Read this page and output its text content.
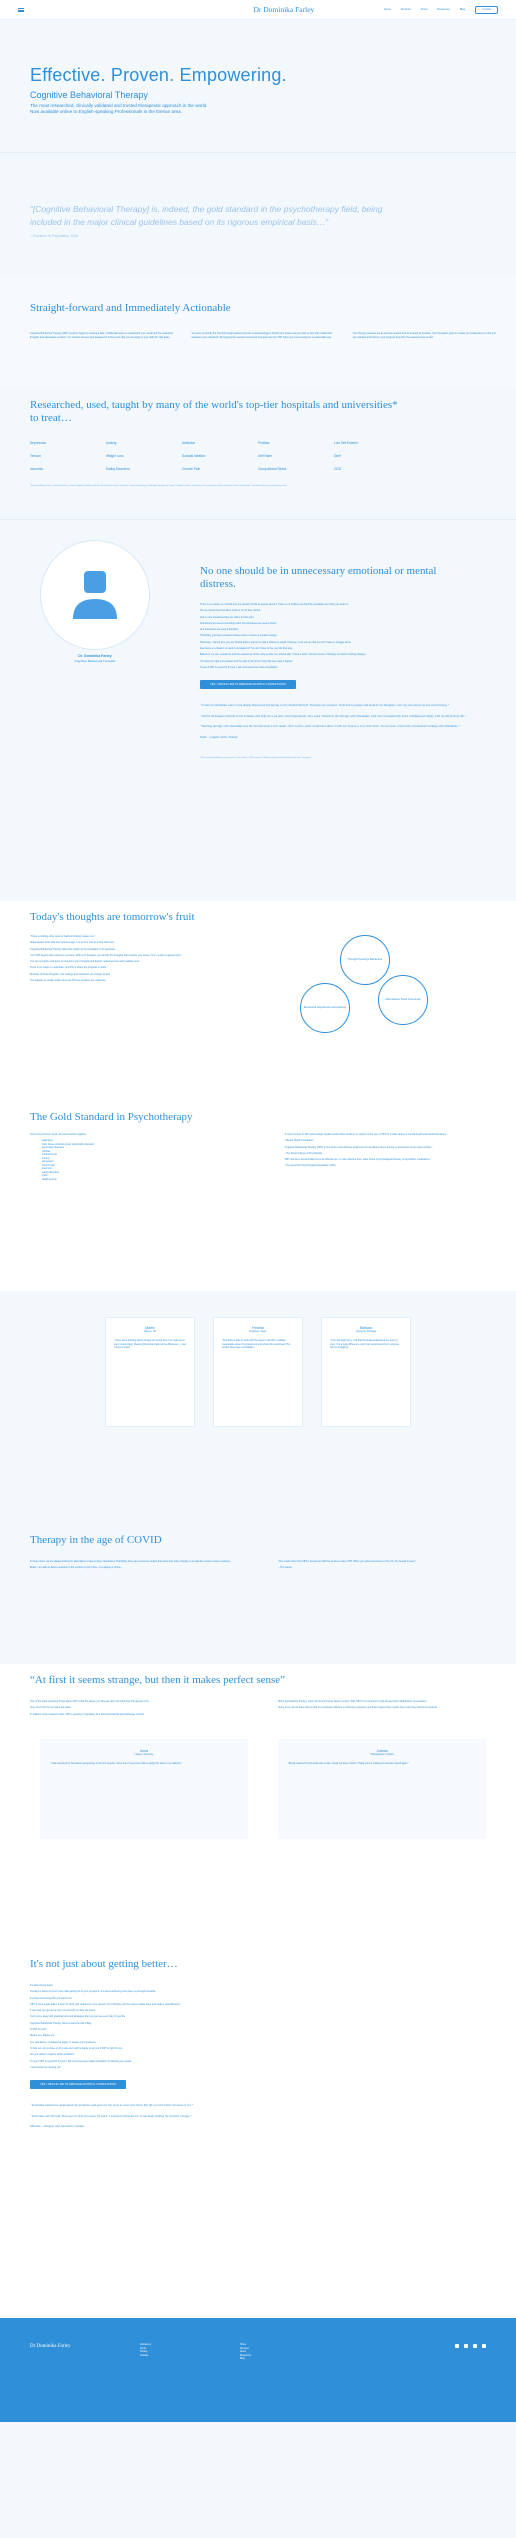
Dr Dominika Farley	Home	Services	About	Resources	Blog	Contact
Effective. Proven. Empowering.
Cognitive Behavioral Therapy

The most researched, clinically validated and trusted therapeutic approach in the world

Now available online to English-speaking Professionals in the Iberian area.

“[Cognitive Behavioral Therapy] is, indeed, the gold standard in the psychotherapy field, being included in the major clinical guidelines based on its rigorous empirical basis…”
– Frontiers in Psychiatry, 2018
Straight-forward and Immediately Actionable

Cognitive Behavioral Therapy (CBT) sessions begin by creating a safe, confidential space to understand your needs and the underlying thoughts and associated emotions. It is solution-focused and designed to deliver tools that you can apply to your daily life right away.

You learn to identify the harmful thought patterns and the emotional triggers behind your issues and you start to deal with problematic situations more effectively. By keeping the sessions structured and goal-oriented, CBT helps you move forward in a measurable way.

Your therapy sessions are as short as needed and as focused as possible. Your therapist's goal is to make you independent so that you can maintain and build on your progress long after the sessions have ended.

Researched, used, taught by many of the world's top-tier hospitals and universities* to treat…
Depression	Anxiety	Addiction	Phobias	Low Self Esteem
Tension	Weight Loss	Suicidal Ideation	Self Harm	Grief
Insomnia	Eating Disorders	Chronic Pain	Occupational Stress	OCD
*Including Mayo Clinic, Cleveland Clinic, Johns Hopkins Medicine, NHS, Harvard University, Stanford, Oxford University, Cambridge University, King's College London, University of Pennsylvania, Massachusetts General Hospital, Columbia University and many more.
Dr. Dominika Farley
Cognitive Behavioral Therapist
No one should be in unnecessary emotional or mental distress.

There is no reason you should feel you should not talk to anyone about it. There is no problem too big that a therapist can't help you work on.

No one should feel their life is stuck or out of their control.

And no one should feel they are alone in their pain.

Sometimes we need a sounding board, but sometimes we need a friend.

And sometimes we need a therapist.

Thankfully, you have excellent choices when it comes to modern therapy.

Obviously, I cannot give you any clinical advice until we've had a chance to speak. However, I can tell you that you don't have to struggle alone.

Feel alone or unheard, or stuck in old patterns? You don't have to live your life that way.

Based on my own experience and the experience of the many people I've worked with, I know a short, focused course of therapy can lead to lasting changes.

You have the right to feel better and the right to the kind of help that can make it happen.

To see if CBT is a good fit for you, I will recommend an initial consultation.

YES, I WOULD LIKE TO ARRANGE AN INITIAL CONSULTATION
“I came to Dominika when I was deeply depressed and facing a very limited lifestyle. Through our sessions, I learned to assign and analyze my thoughts. I see my own future as one worth living.”
“All the techniques learned in the sessions still help me a lot and, most importantly, they work. Thanks to the therapy with Dominika, I am now incomparably more satisfied and happy with myself and my life.”
“Starting therapy with Dominika was the best decision I ever made. I feel so free, and I could have done it with her help in a very short time. To everyone, I sincerely recommend working with Dominika.”
Kolia – Graphic Artist, Poland
*This recommendation comes from a client with a CBT treatment. Names and personal details have been changed.
Today's thoughts are tomorrow's fruit

“There is nothing either good or bad but thinking makes it so.”

Shakespeare wrote that four centuries ago. It is as true now as it was back then.

Cognitive Behavioral Therapy takes this insight as the foundation of its approach.

Your CBT begins with a discovery process. With your therapist, you identify the thoughts that underlie your issues. Then, a plan is agreed upon.

You can recognize and learn to reinterpret your thoughts and beliefs, replacing them with healthier ones.

There is no magic or medication, and this is where the progress is made.

Because of these thoughts, your feelings and behaviors can change as well.

The diagram is usually drawn when the first few sessions are underway.

Thought Feelings Behaviour
Emotional Adjustment Acceptance
Alternatives Tools Outcomes
The Gold Standard in Psychotherapy

This is the process I used, and we'll practice together:

addictions
body issues (including body dysmorphic disorder)
personality disorders
phobias
schizophrenia
anxiety
depression
chronic pain
insomnia
eating disorders
OCD
health anxiety

“A recent review of 269 meta-analytic studies lends robust evidence in support of the use of CBT for a wide variety of mental health and behavioral issues.”

– Mental Health Foundation

“Cognitive Behavioral Therapy (CBT) is one of the most effective treatments for conditions where anxiety or depression is the main problem.”

– The Royal College of Psychiatrists

“CBT has been demonstrated to be as effective as, or more effective than, other forms of psychological therapy or psychiatric medications.”

– The American Psychological Association (APA)

Martin
Lawyer, UK

“I have been thinking about therapy for a long time, but I was never sure it would help. Meeting Dominika made all the difference — now I know it works.”

Fredrick
Engineer, Spain

“Dominika is able to work with the client to identify a realistic, measurable area of improvement and where this could lead. The results have been remarkable.”

Barbara
Designer, Portugal

“From the beginning, I felt that Dominika understood me and my story. It is a huge difference, and I can recommend her to anyone who is struggling.”

Therapy in the age of COVID

In these times, we are always looking for alternatives to face-to-face interactions. Thankfully, there are numerous studies that show that online therapy is as effective as face-to-face sessions.

Better, I am able to deliver sessions in the comfort of your home, on a laptop or phone.

“Our results show that CBT is at least as effective as face-to-face CBT. When you add convenience to the mix, the benefit is clear.”

– The Lancet

“At first it seems strange, but then it makes perfect sense”

One of the most surprising things about CBT is that the issues you face are often not what they first appear to be.

They aren't the first to notice this effect.

In addition to the research value, CBT is growing in popularity as a brief professional psychotherapy method.

When approaching therapy, many clients don't know what to expect. With CBT it is a structured, goal-focused and collaborative conversation.

Some of my clients have told me that it's completely different to what they expected, and that it helped them realize how much they had left unresolved.

Anna
Lawyer, Germany

“I was surprised by Dominika's perspective in the first session. Since then I have been able to apply her tools to my daily life.”

Jolanta
Photographer, Poland

“Being coached by Dominika was a ride I would not have missed. Thank you for making me feel like myself again.”

It's not just about getting better…

It's about being better.

Therapy is about so much more than getting rid of your symptoms. It's about achieving more than you thought possible.

It's about becoming who you want to be.

CBT is not a magic bullet. It won't fix all of your problems in one session, but it will give you the tools to tackle them and make a real difference.

It can help you get out of your rut and help you face the future.

You'll come away with practical tools and strategies that you can use every day of your life.

Cognitive Behavioral Therapy helps to start the ball rolling.

Is CBT for you?

Maybe yes. Maybe not.

As I said above, I'll always be happy to answer your questions.

To find out, all you have to do is ask and I will be happy to tell you if CBT is right for you.

Are you ready to explore what's possible?

To see if CBT is a good fit for you, I will recommend an initial consultation to discuss your needs.

I look forward to meeting you.

YES, I WOULD LIKE TO ARRANGE AN INITIAL CONSULTATION
“Dominika helped me understand my problems and gave me the tools to overcome them. My life is much better because of her.”
“Dominika will literally find ways to help you move forward. I would recommend her to anybody looking for positive change.”
Miranda – Designer and Journalist, Canada
Dr Dominika Farley	Contact us
Terms
Privacy
Cookies
Home
Services
About
Resources
Blog
